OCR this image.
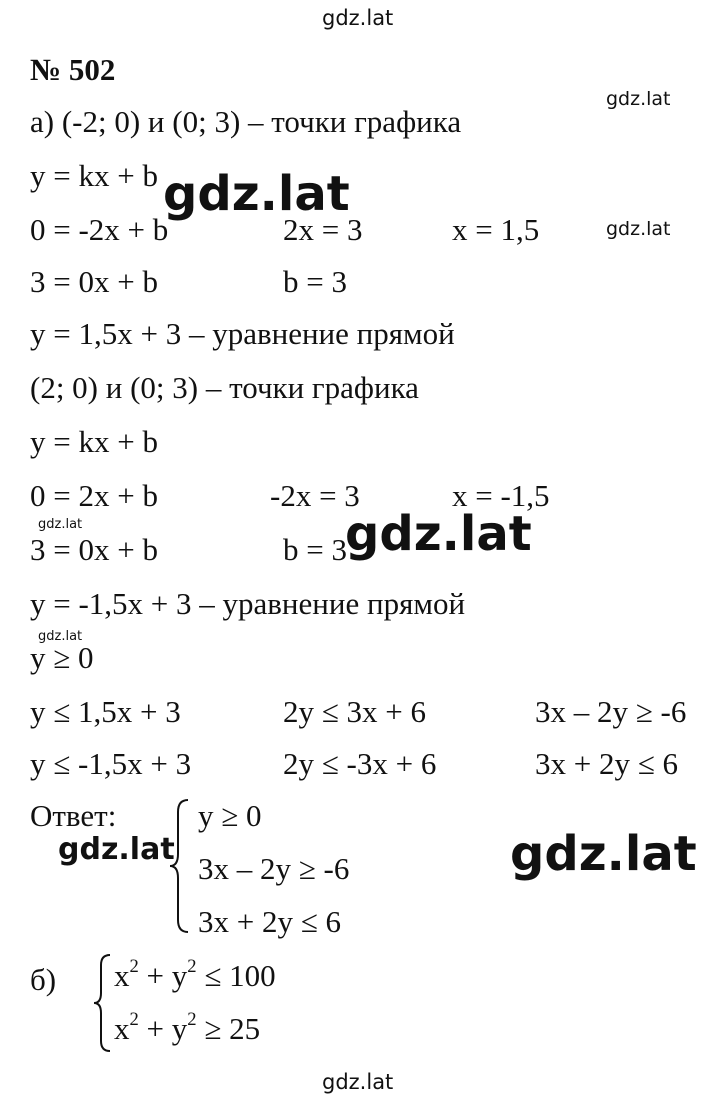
gdz.lat
№ 502
gdz.lat
а) (-2; 0) и (0; 3) – точки графика
y = kx + b
0 = -2x + b	2x = 3	x = 1,5	gdz.lat
gdz.lat
3 = 0x + b	b = 3
y = 1,5x + 3 – уравнение прямой
(2; 0) и (0; 3) – точки графика
y = kx + b
0 = 2x + b	-2x = 3	x = -1,5
gdz.lat
3 = 0x + b	b = 3
gdz.lat
y = -1,5x + 3 – уравнение прямой
gdz.lat
y ≥ 0
y ≤ 1,5x + 3	2y ≤ 3x + 6	3x – 2y ≥ -6
y ≤ -1,5x + 3	2y ≤ -3x + 6	3x + 2y ≤ 6
Ответ:
gdz.lat
y ≥ 0
3x – 2y ≥ -6
3x + 2y ≤ 6
gdz.lat
б) $x^2 + y^2 \le 100$
$x^2 + y^2 \ge 25$
gdz.lat
